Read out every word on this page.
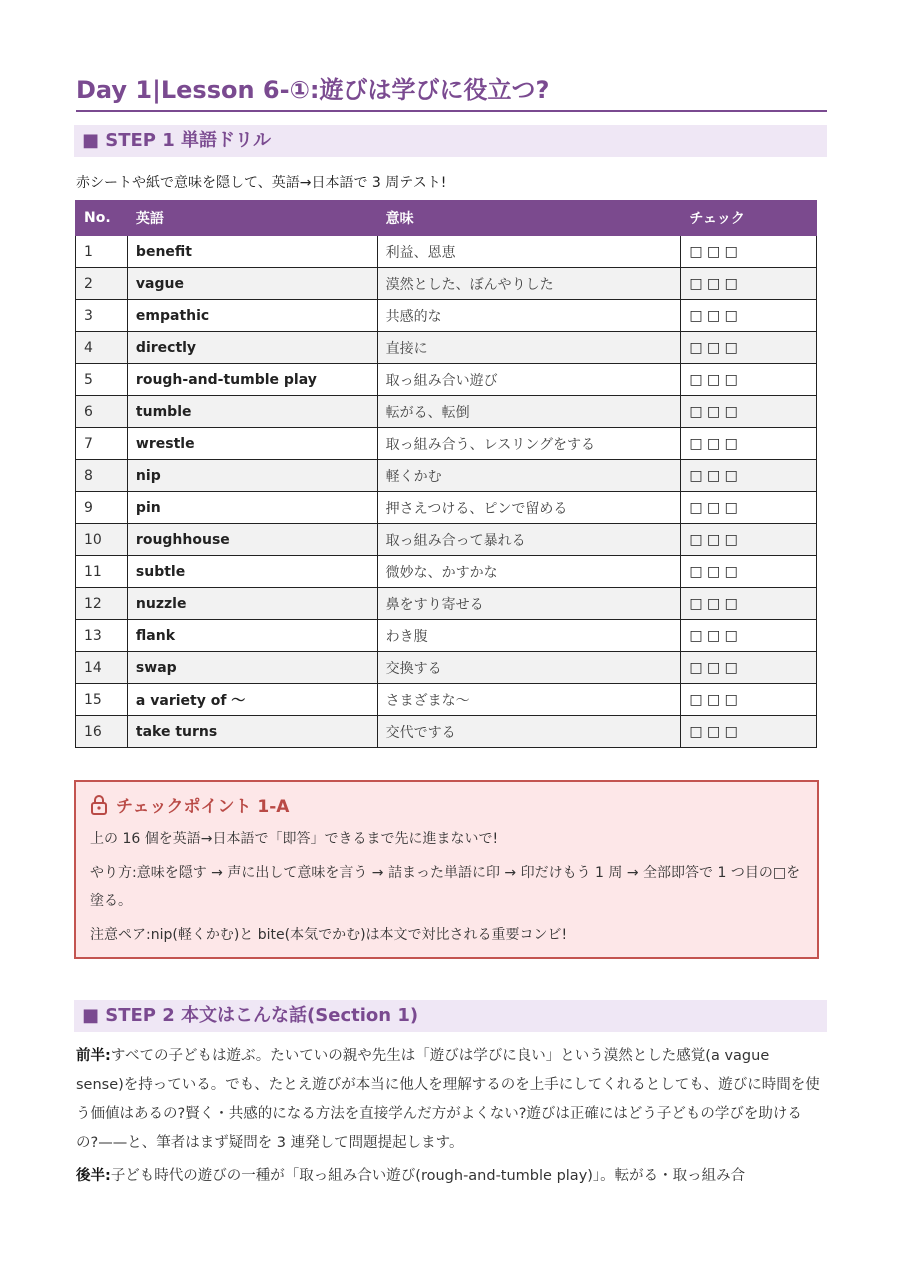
Day 1|Lesson 6-①:遊びは学びに役立つ?
■ STEP 1 単語ドリル
赤シートや紙で意味を隠して、英語→日本語で 3 周テスト!
No.	英語	意味	チェック
1	benefit	利益、恩恵	□ □ □
2	vague	漠然とした、ぼんやりした	□ □ □
3	empathic	共感的な	□ □ □
4	directly	直接に	□ □ □
5	rough-and-tumble play	取っ組み合い遊び	□ □ □
6	tumble	転がる、転倒	□ □ □
7	wrestle	取っ組み合う、レスリングをする	□ □ □
8	nip	軽くかむ	□ □ □
9	pin	押さえつける、ピンで留める	□ □ □
10	roughhouse	取っ組み合って暴れる	□ □ □
11	subtle	微妙な、かすかな	□ □ □
12	nuzzle	鼻をすり寄せる	□ □ □
13	flank	わき腹	□ □ □
14	swap	交換する	□ □ □
15	a variety of 〜	さまざまな〜	□ □ □
16	take turns	交代でする	□ □ □
チェックポイント 1-A

上の 16 個を英語→日本語で「即答」できるまで先に進まないで!

やり方:意味を隠す → 声に出して意味を言う → 詰まった単語に印 → 印だけもう 1 周 → 全部即答で 1 つ目の□を塗る。

注意ペア:nip(軽くかむ)と bite(本気でかむ)は本文で対比される重要コンビ!

■ STEP 2 本文はこんな話(Section 1)

前半:すべての子どもは遊ぶ。たいていの親や先生は「遊びは学びに良い」という漠然とした感覚(a vague sense)を持っている。でも、たとえ遊びが本当に他人を理解するのを上手にしてくれるとしても、遊びに時間を使う価値はあるの?賢く・共感的になる方法を直接学んだ方がよくない?遊びは正確にはどう子どもの学びを助けるの?——と、筆者はまず疑問を 3 連発して問題提起します。

後半:子ども時代の遊びの一種が「取っ組み合い遊び(rough-and-tumble play)」。転がる・取っ組み合
